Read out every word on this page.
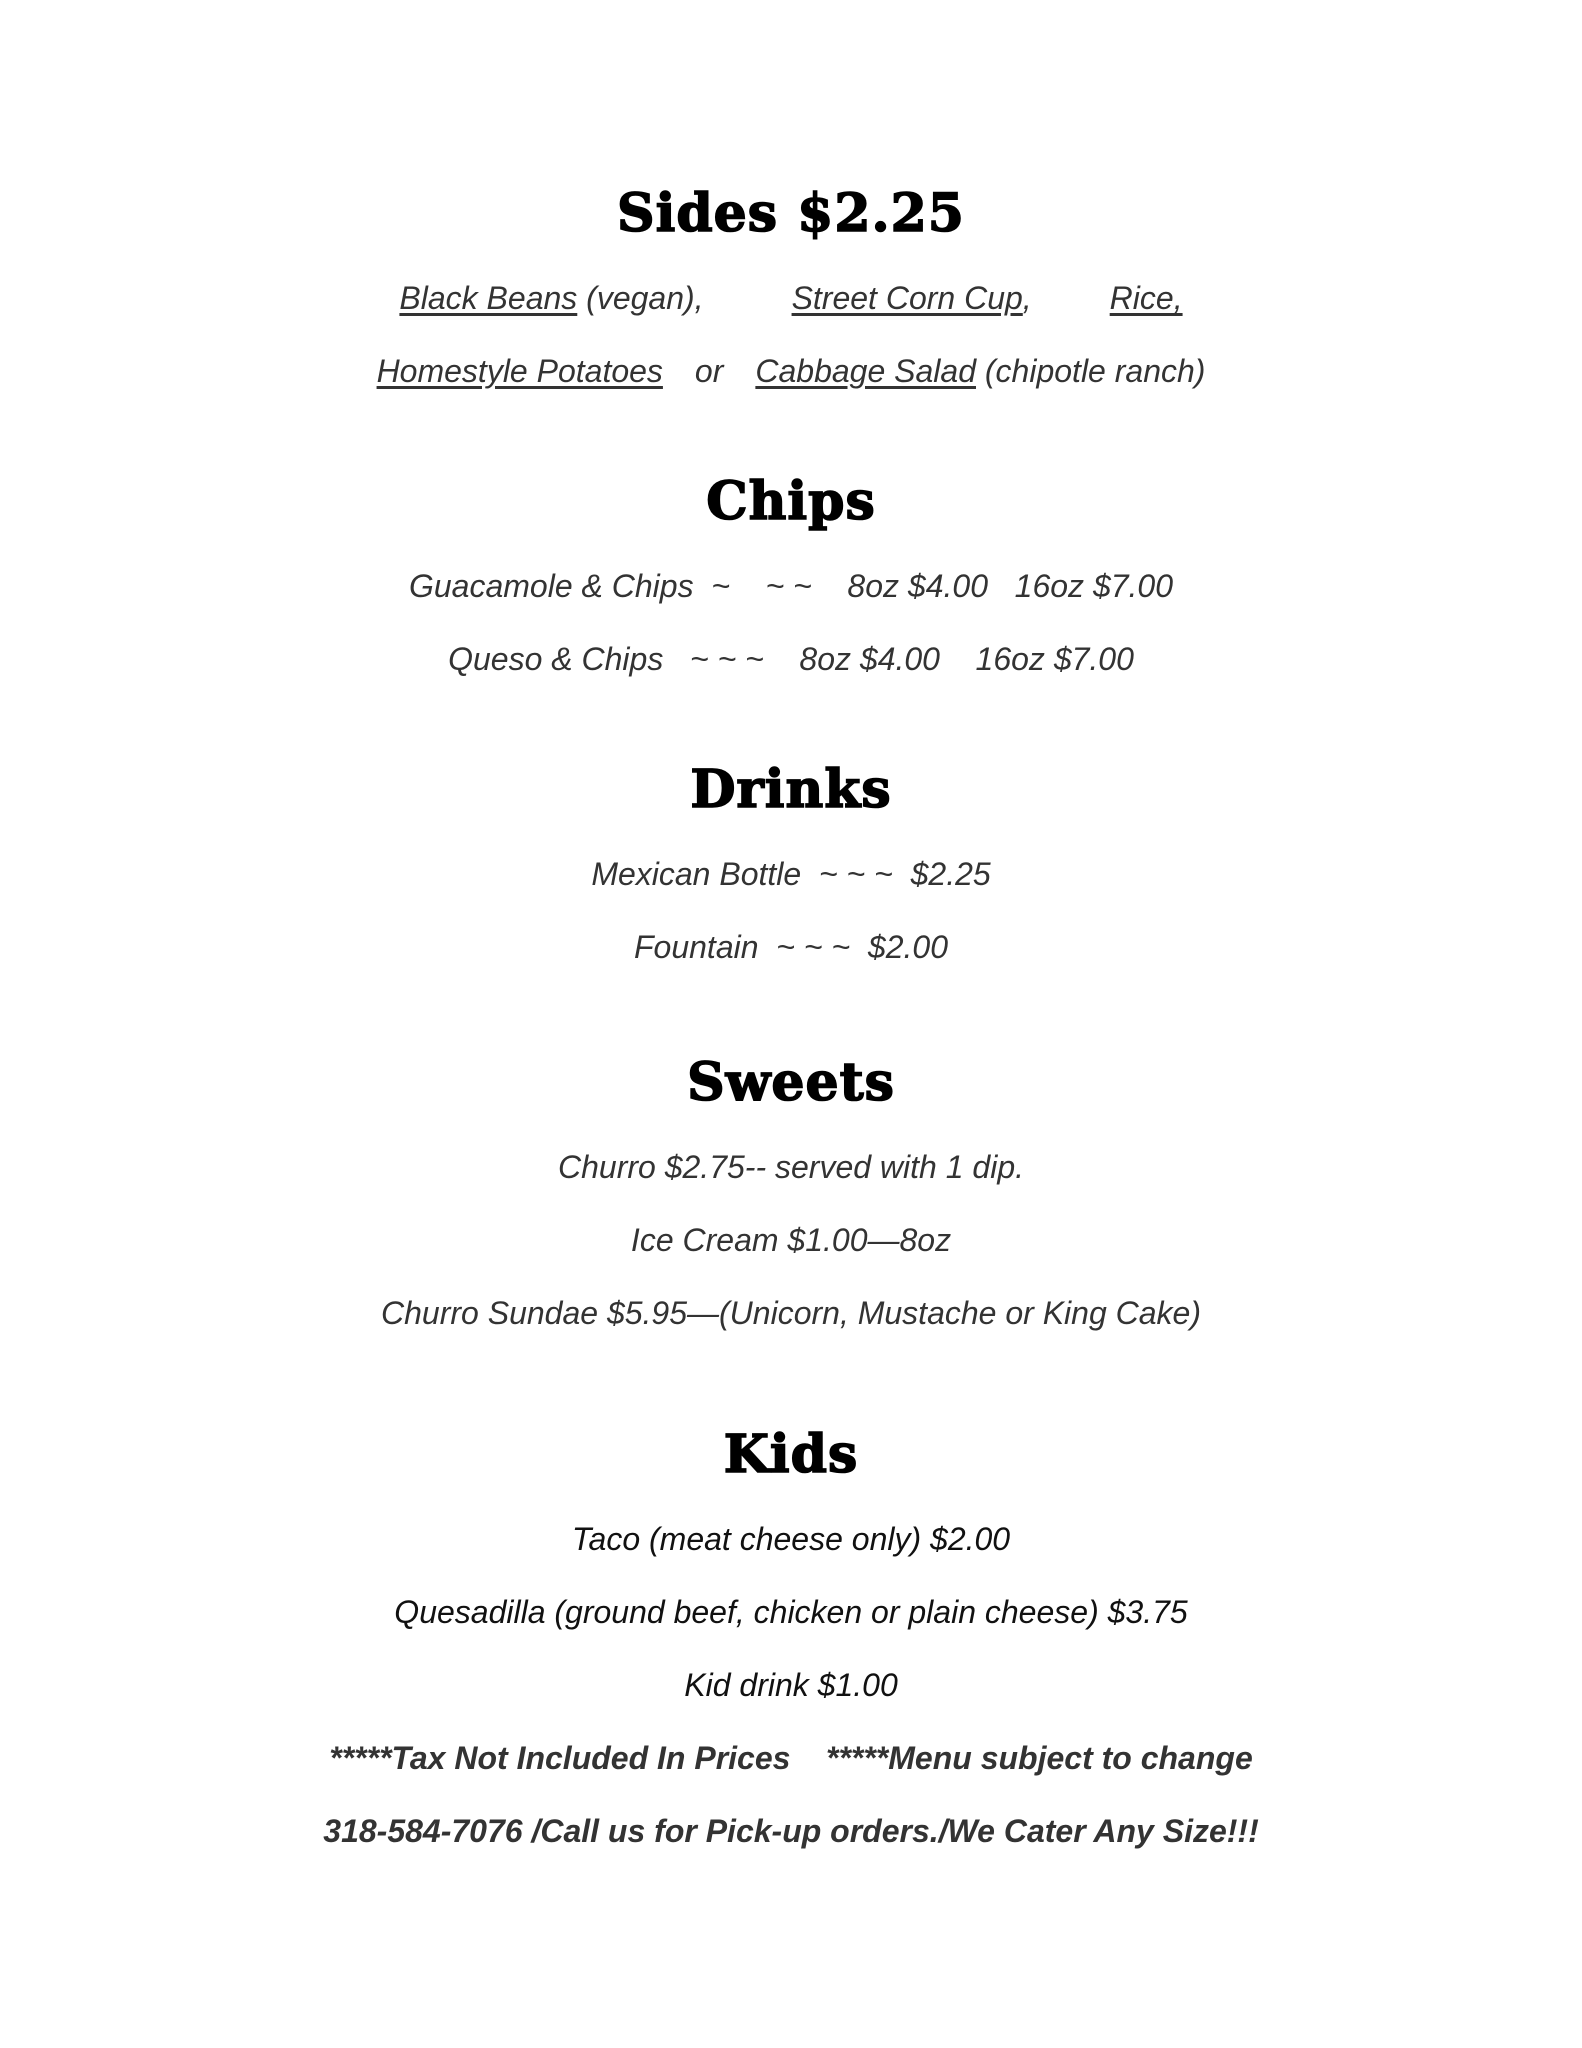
Sides $2.25
Black Beans (vegan),	Street Corn Cup, Rice,
Homestyle Potatoes or Cabbage Salad (chipotle ranch)
Chips
Guacamole & Chips  ~    ~ ~    8oz $4.00   16oz $7.00
Queso & Chips   ~ ~ ~    8oz $4.00    16oz $7.00
Drinks
Mexican Bottle  ~ ~ ~  $2.25
Fountain  ~ ~ ~  $2.00
Sweets
Churro $2.75-- served with 1 dip.
Ice Cream $1.00—8oz
Churro Sundae $5.95—(Unicorn, Mustache or King Cake)
Kids
Taco (meat cheese only) $2.00
Quesadilla (ground beef, chicken or plain cheese) $3.75
Kid drink $1.00
*****Tax Not Included In Prices    *****Menu subject to change
318-584-7076 /Call us for Pick-up orders./We Cater Any Size!!!
